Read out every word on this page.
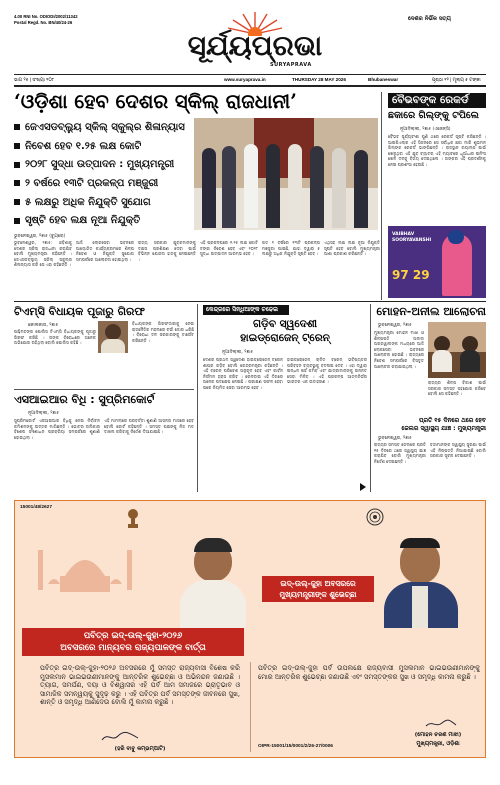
4.00 RNI No. ODIODI/2002/11342
Postal Regd. No. BN/40/24-26
ଦେଶର ନିର୍ଭିକ ସତ୍ୟ
ସୂର୍ଯ୍ୟପ୍ରଭା
SURYAPRAVA
ଭାଗ ୨୫ | ସଂଖ୍ୟା ୧୦୮	www.suryaprava.in	THURSDAY 28 MAY 2026	Bhubaneswar	ପୃଷ୍ଠା ୧୨ | ମୂଲ୍ୟ ୫ ଟଙ୍କା
‘ଓଡ଼ିଶା ହେବ ଦେଶର ସ୍କିଲ୍ ରାଜଧାନୀ’
ଜେଏସଡବ୍ଲ୍ୟୁ ସ୍କିଲ୍ ସ୍କୁଲ୍‌ର ଶିଳାନ୍ୟାସ
ନିବେଶ ହେବ ୧.୨୫ ଲକ୍ଷ କୋଟି
୨୦୨୮ ସୁଦ୍ଧା ଉତ୍ପାଦନ : ମୁଖ୍ୟମନ୍ତ୍ରୀ
୨ ବର୍ଷରେ ୧୩ଟି ପ୍ରକଳ୍ପ ମଞ୍ଜୁରୀ
୫ ଲକ୍ଷରୁ ଅଧିକ ନିଯୁକ୍ତି ସୁଯୋଗ
ସୃଷ୍ଟି ହେବ ଲକ୍ଷ ନୂଆ ନିଯୁକ୍ତି
ଭୁବନେଶ୍ୱର, ୨୭ା୫ (ବ୍ୟୁରୋ)
ଭୁବନେଶ୍ୱର, ୨୭ା୫: ଓଡ଼ିଶାକୁ ଦେଶର ସ୍କିଲ୍ ରାଜଧାନୀ କରାଯିବ ବୋଲି ମୁଖ୍ୟମନ୍ତ୍ରୀ କହିଛନ୍ତି । ଜେଏସଡବ୍ଲ୍ୟୁ ସ୍କିଲ୍ ସ୍କୁଲ୍‌ର ଶିଳାନ୍ୟାସ କରି ସେ ଏହା କହିଛନ୍ତି ।
ଆଜି ଲୋକସେବା ଭବନରେ ଆୟୋଜିତ କାର୍ଯ୍ୟକ୍ରମରେ ଶିଳ୍ପ ନିବେଶ ଓ ନିଯୁକ୍ତି ସୁଯୋଗ ସମ୍ପର୍କରେ ଆଲୋଚନା ହୋଇଥିଲା ।
ରାଜ୍ୟ ସରକାର ଯୁବକମାନଙ୍କୁ ଦକ୍ଷତା ପ୍ରଶିକ୍ଷଣ ଦେବା ପାଇଁ ବିଭିନ୍ନ ଯୋଜନା ହାତକୁ ନେଇଛନ୍ତି ।
ଏହି ପ୍ରକଳ୍ପରେ ୧.୨୫ ଲକ୍ଷ କୋଟି ଟଙ୍କା ନିବେଶ ହେବ ଏବଂ ୨୦୨୮ ସୁଦ୍ଧା ଉତ୍ପାଦନ ଆରମ୍ଭ ହେବ ।
ଗତ ୨ ବର୍ଷରେ ୧୩ଟି ପ୍ରକଳ୍ପ ମଞ୍ଜୁରୀ ପାଇଛି, ଯାହା ଦ୍ୱାରା ୫ ଲକ୍ଷରୁ ଅଧିକ ନିଯୁକ୍ତି ସୃଷ୍ଟି ହେବ ।
ଏଥିସହ ଲକ୍ଷ ଲକ୍ଷ ନୂଆ ନିଯୁକ୍ତି ସୃଷ୍ଟି ହେବ ବୋଲି ମୁଖ୍ୟମନ୍ତ୍ରୀ ଆଶା ପ୍ରକାଶ କରିଛନ୍ତି ।
ବୈଭବଙ୍କ ରେକର୍ଡ
ଛକାରେ ଗିଲ୍‌ଙ୍କୁ ଟପିଲେ
ନୂଆଦିଲ୍ଲୀ, ୨୭ା୫ (ଏଜେନ୍ସି)
ବୈଭବ ସୂର୍ଯ୍ୟବଂଶୀ ପୁଣି ଥରେ ରେକର୍ଡ ସୃଷ୍ଟି କରିଛନ୍ତି । ଆଇପିଏଲ୍‌ର ଏହି ସିଜନରେ ସେ ସର୍ବାଧିକ ଛକା ମାରି ଶୁଭମନ ଗିଲ୍‌ଙ୍କ ରେକର୍ଡ ଭାଙ୍ଗିଛନ୍ତି । ରାଜସ୍ଥାନ ରୟାଲ୍ସ ପାଇଁ ଖେଳୁଥିବା ଏହି ଯୁବ ବ୍ୟାଟର୍ ଏହି ମ୍ୟାଚରେ ଧୂଆଁଧାର ଇନିଂସ ଖେଳି ଦଳକୁ ବିଜୟ ଦେଇଥିଲେ । ତାଙ୍କର ଏହି ପ୍ରଦର୍ଶନକୁ ନେଇ ପ୍ରଶଂସା ହେଉଛି ।
VAIBHAV SOORYAVANSHI
97 29
ଟିଏମ୍‌ସି ବିଧାୟକ ପୂଜାରୁ ଗିରଫ
କୋଲକାତା, ୨୭ା୫
ପଶ୍ଚିମବଙ୍ଗ ପୋଲିସ ଟିଏମ୍‌ସି ବିଧାୟକଙ୍କୁ ପୂଜାରୁ ଗିରଫ କରିଛି । ତାଙ୍କ ବିରୋଧରେ ଅନେକ ଅଭିଯୋଗ ରହିଥିଲା ବୋଲି ପୋଲିସ କହିଛି ।
ବିଧାୟକଙ୍କ ଗିରଫଦାରୀକୁ ନେଇ ରାଜନୈତିକ ମହଲରେ ଚର୍ଚ୍ଚା ଜୋର ଧରିଛି । ବିରୋଧୀ ଦଳ ସରକାରଙ୍କୁ ଟାର୍ଗେଟ କରିଛନ୍ତି ।
ଏସଆଇଆର ବିଧି : ସୁପ୍ରିମକୋର୍ଟ
ନୂଆଦିଲ୍ଲୀ, ୨୭ା୫
ସୁପ୍ରିମକୋର୍ଟ ଏସଆଇଆର ବିଧିକୁ ନେଇ ନିର୍ବାଚନ କମିଶନଙ୍କୁ ଉତ୍ତର ମାଗିଛନ୍ତି । ଭୋଟର ତାଲିକାର ବିଶେଷ ସଂଶୋଧନ ପ୍ରକ୍ରିୟା ସମ୍ପର୍କରେ ଶୁଣାଣି ହୋଇଥିଲା ।
ଏହି ମାମଲାରେ ପରବର୍ତ୍ତୀ ଶୁଣାଣି ଆସନ୍ତା ମାସରେ ହେବ ବୋଲି କୋର୍ଟ କହିଛନ୍ତି । ସମସ୍ତ ପକ୍ଷଙ୍କୁ ନିଜ ମତ ଦାଖଲ କରିବାକୁ ନିର୍ଦ୍ଦେଶ ଦିଆଯାଇଛି ।
କେନ୍ଦ୍ରରେ ସିନ୍ଧିଆଙ୍କ ଚଢେଇ
ଗଡ଼ିବ ସ୍ୱଦେଶୀ
ହାଇଡ୍ରୋଜେନ୍ ଟ୍ରେନ୍
ନୂଆଦିଲ୍ଲୀ, ୨୭ା୫
ଦେଶର ପ୍ରଥମ ସ୍ୱଦେଶୀ ହାଇଡ୍ରୋଜେନ୍ ଟ୍ରେନ୍ ଶୀଘ୍ର ଗଡ଼ିବ ବୋଲି କେନ୍ଦ୍ରମନ୍ତ୍ରୀ କହିଛନ୍ତି । ଏହି ଟ୍ରେନ୍ ପରିବେଶ ଅନୁକୂଳ ହେବ ଏବଂ କାର୍ବନ ନିର୍ଗମନ ହ୍ରାସ କରିବ । ରେଳବାଇ ଏହି ଦିଗରେ ଅନେକ ପଦକ୍ଷେପ ନେଇଛି । ପରୀକ୍ଷଣ ସଫଳ ହେବା ପରେ ନିୟମିତ ସେବା ଆରମ୍ଭ ହେବ ।
ହାଇଡ୍ରୋଜେନ୍ ଚାଳିତ ଟ୍ରେନ୍ ଭବିଷ୍ୟତର ପରିବହନ ବ୍ୟବସ୍ଥାକୁ ବଦଳାଇ ଦେବ । ଏହା ଦ୍ୱାରା ଇନ୍ଧନ ଖର୍ଚ୍ଚ କମିବ ଏବଂ ଯାତ୍ରୀମାନଙ୍କୁ ଉନ୍ନତ ସେବା ମିଳିବ । ଏହି ପ୍ରକଳ୍ପ ଆତ୍ମନିର୍ଭର ଭାରତର ଏକ ଉଦାହରଣ ।
ମୋହନ-ଅନୀଲ ଆଲୋଚନା
ଭୁବନେଶ୍ୱର, ୨୭ା୫
ମୁଖ୍ୟମନ୍ତ୍ରୀ ମୋହନ ମାଝୀ ଓ ଶିଳ୍ପପତି ଅନୀଲ ଅଗ୍ରୱାଲଙ୍କ ମଧ୍ୟରେ ଆଜି ଲୋକସେବା ଭବନରେ ଆଲୋଚନା ହୋଇଛି । ରାଜ୍ୟରେ ନିବେଶ ସମ୍ପର୍କରେ ବିସ୍ତୃତ ଆଲୋଚନା କରାଯାଇଥିଲା ।
ରାଜ୍ୟର ଶିଳ୍ପ ବିକାଶ ପାଇଁ ସରକାର ସମସ୍ତ ସହଯୋଗ କରିବେ ବୋଲି ସେ କହିଛନ୍ତି ।
ପ୍ରତି ୧୫ ଦିନରେ ଥରେ ହେବ
ଜେଲର ସ୍ୱାସ୍ଥ୍ୟ ଯାଞ୍ଚ : ମୁଖ୍ୟମନ୍ତ୍ରୀ
ଭୁବନେଶ୍ୱର, ୨୭ା୫
ରାଜ୍ୟର ସମସ୍ତ ଜେଲରେ ପ୍ରତି ୧୫ ଦିନରେ ଥରେ ସ୍ୱାସ୍ଥ୍ୟ ଯାଞ୍ଚ କରାଯିବ ବୋଲି ମୁଖ୍ୟମନ୍ତ୍ରୀ ନିର୍ଦ୍ଦେଶ ଦେଇଛନ୍ତି ।
ବନ୍ଦୀମାନଙ୍କ ସ୍ୱାସ୍ଥ୍ୟ ସୁରକ୍ଷା ପାଇଁ ଏହି ନିଷ୍ପତ୍ତି ନିଆଯାଇଛି ବୋଲି ସରକାର ସୂଚନା ଦେଇଛନ୍ତି ।
15001/48/2627
ପବିତ୍ର ଇଦ୍-ଉଲ୍-ଜୁହା-୨୦୨୬
ଅବସରରେ ମାନ୍ୟବର ରାଜ୍ୟପାଳଙ୍କ ବାର୍ତ୍ତା
ଇଦ୍-ଉଲ୍-ଜୁହା ଅବସରରେ
ମୁଖ୍ୟମନ୍ତ୍ରୀଙ୍କ ଶୁଭେଚ୍ଛା
ପବିତ୍ର ଇଦ୍-ଉଲ୍-ଜୁହା-୨୦୨୬ ଅବସରରେ ମୁଁ ସମସ୍ତ ରାଜ୍ୟବାସୀ ବିଶେଷ କରି ମୁସଲମାନ ଭାଇଭଉଣୀମାନଙ୍କୁ ଆନ୍ତରିକ ଶୁଭେଚ୍ଛା ଓ ଅଭିନନ୍ଦନ ଜଣାଉଛି । ତ୍ୟାଗ, ସମର୍ପଣ, ଦୟା ଓ ବିଶ୍ୱାସର ଏହି ପର୍ବ ଆମ ସମାଜରେ ଭ୍ରାତୃଭାବ ଓ ସାମାଜିକ ସମନ୍ୱୟକୁ ସୁଦୃଢ଼ କରୁ । ଏହି ପବିତ୍ର ପର୍ବ ସମସ୍ତଙ୍କ ଜୀବନରେ ସୁଖ, ଶାନ୍ତି ଓ ସମୃଦ୍ଧି ଆଣିଦେଉ ବୋଲି ମୁଁ କାମନା କରୁଛି ।
(ହରି ବାବୁ କମ୍ଭମ୍ପାଟି)
ପବିତ୍ର ଇଦ୍-ଉଲ୍-ଜୁହା ପର୍ବ ଉପଲକ୍ଷେ ରାଜ୍ୟବାସୀ ମୁସଲମାନ ଭାଇଭଉଣୀମାନଙ୍କୁ ମୋର ଆନ୍ତରିକ ଶୁଭେଚ୍ଛା ଜଣାଉଛି ଏବଂ ସମସ୍ତଙ୍କର ସୁଖ ଓ ସମୃଦ୍ଧି କାମନା କରୁଛି ।
OIPR-15001/15/0001/2/26-27/0006
(ମୋହନ ଚରଣ ମାଝୀ)
ମୁଖ୍ୟମନ୍ତ୍ରୀ, ଓଡ଼ିଶା
